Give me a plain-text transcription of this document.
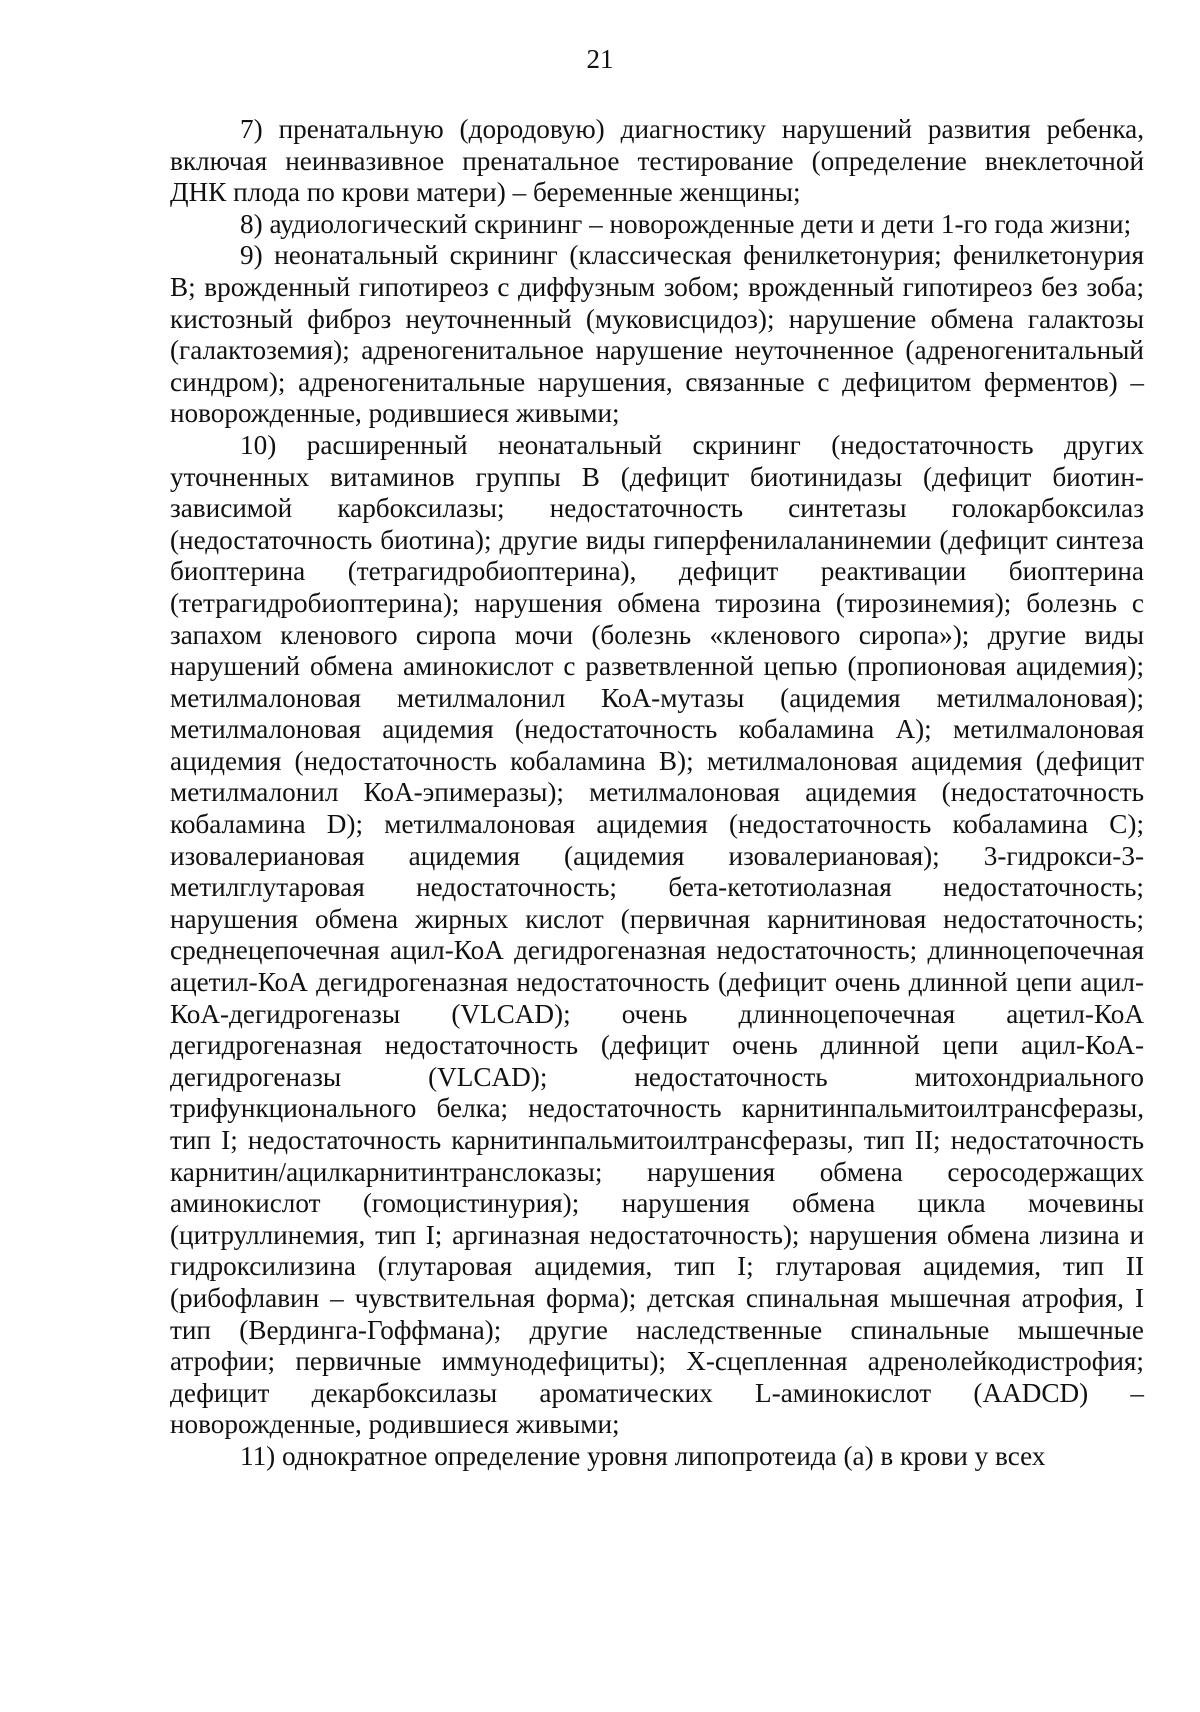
21

7) пренатальную (дородовую) диагностику нарушений развития ребенка, включая неинвазивное пренатальное тестирование (определение внеклеточной ДНК плода по крови матери) – беременные женщины;

8) аудиологический скрининг – новорожденные дети и дети 1-го года жизни;

9) неонатальный скрининг (классическая фенилкетонурия; фенилкетонурия В; врожденный гипотиреоз с диффузным зобом; врожденный гипотиреоз без зоба; кистозный фиброз неуточненный (муковисцидоз); нарушение обмена галактозы (галактоземия); адреногенитальное нарушение неуточненное (адреногенитальный синдром); адреногенитальные нарушения, связанные с дефицитом ферментов) – новорожденные, родившиеся живыми;

10) расширенный неонатальный скрининг (недостаточность других уточненных витаминов группы В (дефицит биотинидазы (дефицит биотин-зависимой карбоксилазы; недостаточность синтетазы голокарбоксилаз (недостаточность биотина); другие виды гиперфенилаланинемии (дефицит синтеза биоптерина (тетрагидробиоптерина), дефицит реактивации биоптерина (тетрагидробиоптерина); нарушения обмена тирозина (тирозинемия); болезнь с запахом кленового сиропа мочи (болезнь «кленового сиропа»); другие виды нарушений обмена аминокислот с разветвленной цепью (пропионовая ацидемия); метилмалоновая метилмалонил КоА-мутазы (ацидемия метилмалоновая); метилмалоновая ацидемия (недостаточность кобаламина А); метилмалоновая ацидемия (недостаточность кобаламина В); метилмалоновая ацидемия (дефицит метилмалонил КоА-эпимеразы); метилмалоновая ацидемия (недостаточность кобаламина D); метилмалоновая ацидемия (недостаточность кобаламина С); изовалериановая ацидемия (ацидемия изовалериановая); 3-гидрокси-3-метилглутаровая недостаточность; бета-кетотиолазная недостаточность; нарушения обмена жирных кислот (первичная карнитиновая недостаточность; среднецепочечная ацил-КоА дегидрогеназная недостаточность; длинноцепочечная ацетил-КоА дегидрогеназная недостаточность (дефицит очень длинной цепи ацил-КоА-дегидрогеназы (VLCAD); очень длинноцепочечная ацетил-КоА дегидрогеназная недостаточность (дефицит очень длинной цепи ацил-КоА-дегидрогеназы (VLCAD); недостаточность митохондриального трифункционального белка; недостаточность карнитинпальмитоилтрансферазы, тип I; недостаточность карнитинпальмитоилтрансферазы, тип II; недостаточность карнитин/ацилкарнитинтранслоказы; нарушения обмена серосодержащих аминокислот (гомоцистинурия); нарушения обмена цикла мочевины (цитруллинемия, тип I; аргиназная недостаточность); нарушения обмена лизина и гидроксилизина (глутаровая ацидемия, тип I; глутаровая ацидемия, тип II (рибофлавин – чувствительная форма); детская спинальная мышечная атрофия, I тип (Вердинга-Гоффмана); другие наследственные спинальные мышечные атрофии; первичные иммунодефициты); Х-сцепленная адренолейкодистрофия; дефицит декарбоксилазы ароматических L-аминокислот (AADCD) – новорожденные, родившиеся живыми;

11) однократное определение уровня липопротеида (а) в крови у всех
